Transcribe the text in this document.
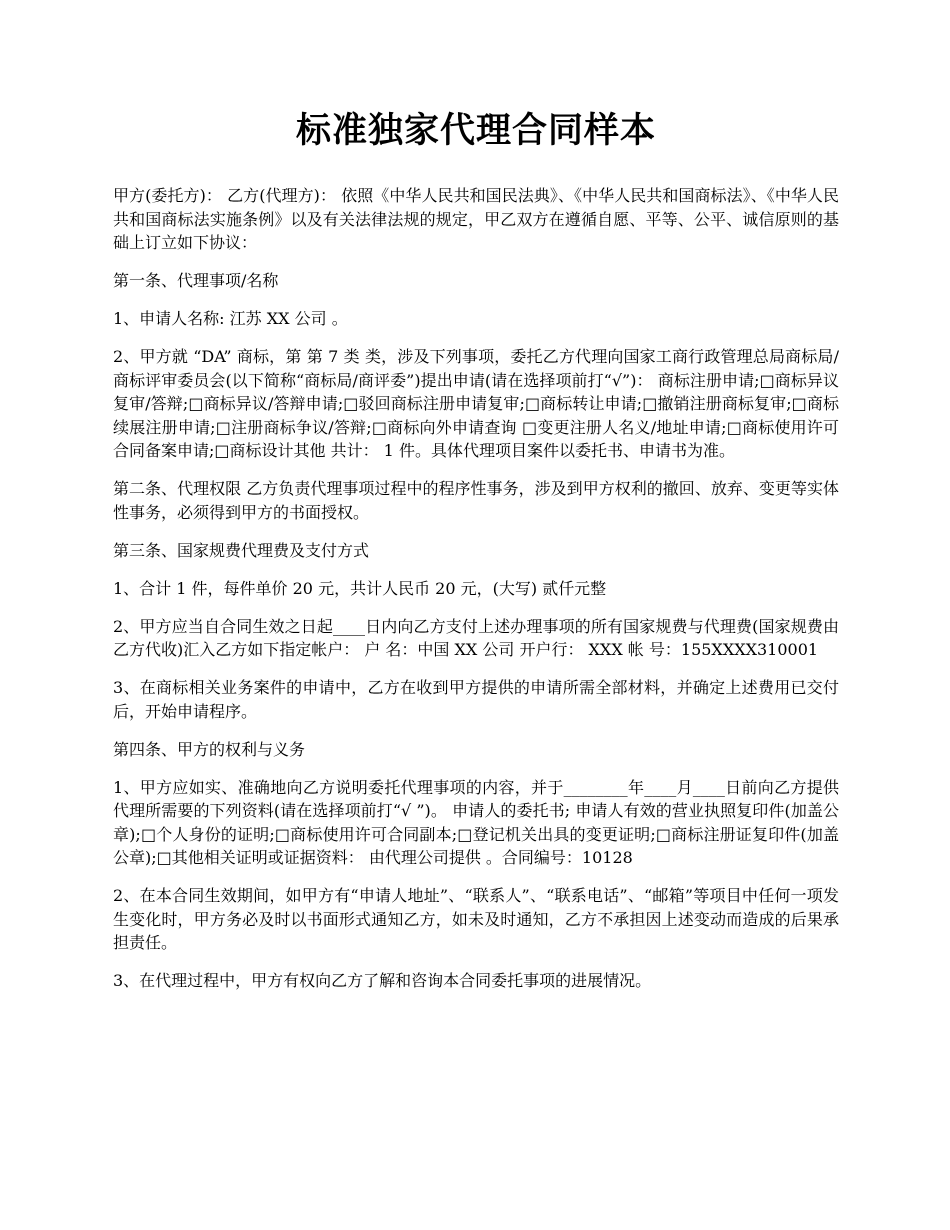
标准独家代理合同样本

甲方(委托方)： 乙方(代理方)： 依照《中华人民共和国民法典》、《中华人民共和国商标法》、《中华人民共和国商标法实施条例》以及有关法律法规的规定，甲乙双方在遵循自愿、平等、公平、诚信原则的基础上订立如下协议：

第一条、代理事项/名称

1、申请人名称: 江苏 XX 公司 。

2、甲方就 “DA” 商标，第 第 7 类 类，涉及下列事项，委托乙方代理向国家工商行政管理总局商标局/商标评审委员会(以下简称“商标局/商评委”)提出申请(请在选择项前打“√”)： 商标注册申请;□商标异议复审/答辩;□商标异议/答辩申请;□驳回商标注册申请复审;□商标转让申请;□撤销注册商标复审;□商标续展注册申请;□注册商标争议/答辩;□商标向外申请查询 □变更注册人名义/地址申请;□商标使用许可合同备案申请;□商标设计其他 共计： 1 件。具体代理项目案件以委托书、申请书为准。

第二条、代理权限 乙方负责代理事项过程中的程序性事务，涉及到甲方权利的撤回、放弃、变更等实体性事务，必须得到甲方的书面授权。

第三条、国家规费代理费及支付方式

1、合计 1 件，每件单价 20 元，共计人民币 20 元，(大写) 贰仟元整

2、甲方应当自合同生效之日起____日内向乙方支付上述办理事项的所有国家规费与代理费(国家规费由乙方代收)汇入乙方如下指定帐户： 户 名：中国 XX 公司 开户行： XXX 帐 号：155XXXX310001

3、在商标相关业务案件的申请中，乙方在收到甲方提供的申请所需全部材料，并确定上述费用已交付后，开始申请程序。

第四条、甲方的权利与义务

1、甲方应如实、准确地向乙方说明委托代理事项的内容，并于________年____月____日前向乙方提供代理所需要的下列资料(请在选择项前打“√ ”)。 申请人的委托书; 申请人有效的营业执照复印件(加盖公章);□个人身份的证明;□商标使用许可合同副本;□登记机关出具的变更证明;□商标注册证复印件(加盖公章);□其他相关证明或证据资料： 由代理公司提供 。合同编号：10128

2、在本合同生效期间，如甲方有“申请人地址”、“联系人”、“联系电话”、“邮箱”等项目中任何一项发生变化时，甲方务必及时以书面形式通知乙方，如未及时通知，乙方不承担因上述变动而造成的后果承担责任。

3、在代理过程中，甲方有权向乙方了解和咨询本合同委托事项的进展情况。
